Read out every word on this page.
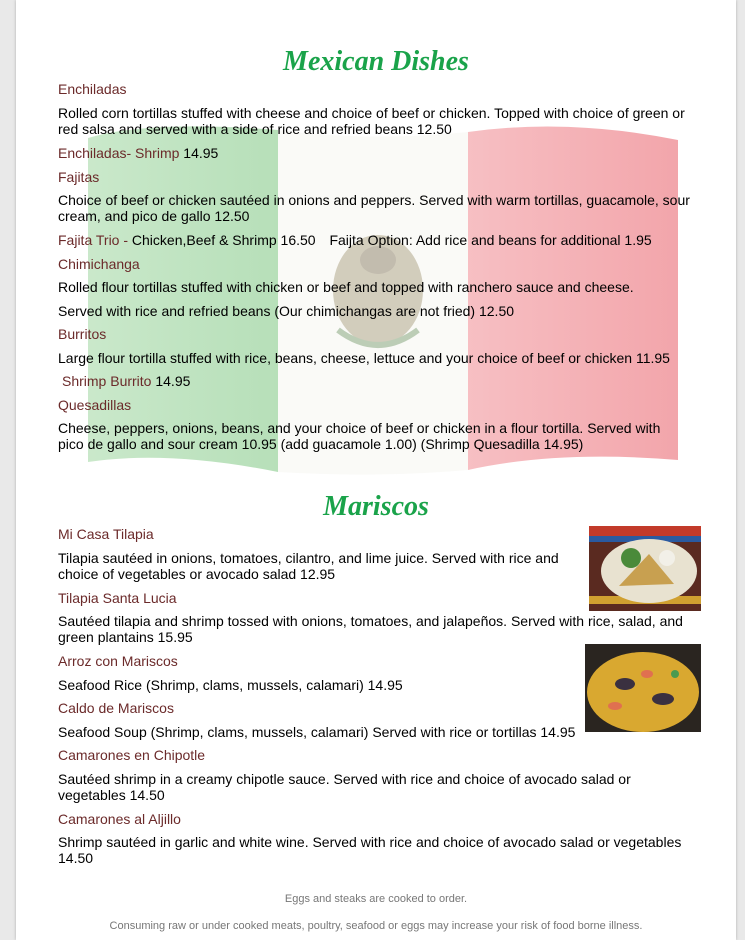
Mexican Dishes
Enchiladas
Rolled corn tortillas stuffed with cheese and choice of beef or chicken. Topped with choice of green or red salsa and served with a side of rice and refried beans 12.50
Enchiladas- Shrimp 14.95
Fajitas
Choice of beef or chicken sautéed in onions and peppers. Served with warm tortillas, guacamole, sour cream, and pico de gallo 12.50
Fajita Trio - Chicken,Beef & Shrimp 16.50 Faijta Option: Add rice and beans for additional 1.95
Chimichanga
Rolled flour tortillas stuffed with chicken or beef and topped with ranchero sauce and cheese.
Served with rice and refried beans (Our chimichangas are not fried) 12.50
Burritos
Large flour tortilla stuffed with rice, beans, cheese, lettuce and your choice of beef or chicken 11.95
Shrimp Burrito 14.95
Quesadillas
Cheese, peppers, onions, beans, and your choice of beef or chicken in a flour tortilla. Served with pico de gallo and sour cream 10.95 (add guacamole 1.00) (Shrimp Quesadilla 14.95)
Mariscos
Mi Casa Tilapia
Tilapia sautéed in onions, tomatoes, cilantro, and lime juice. Served with rice and choice of vegetables or avocado salad 12.95
Tilapia Santa Lucia
Sautéed tilapia and shrimp tossed with onions, tomatoes, and jalapeños. Served with rice, salad, and green plantains 15.95
Arroz con Mariscos
Seafood Rice (Shrimp, clams, mussels, calamari) 14.95
Caldo de Mariscos
Seafood Soup (Shrimp, clams, mussels, calamari) Served with rice or tortillas 14.95
Camarones en Chipotle
Sautéed shrimp in a creamy chipotle sauce. Served with rice and choice of avocado salad or vegetables 14.50
Camarones al Aljillo
Shrimp sautéed in garlic and white wine. Served with rice and choice of avocado salad or vegetables 14.50
Eggs and steaks are cooked to order.
Consuming raw or under cooked meats, poultry, seafood or eggs may increase your risk of food borne illness.
